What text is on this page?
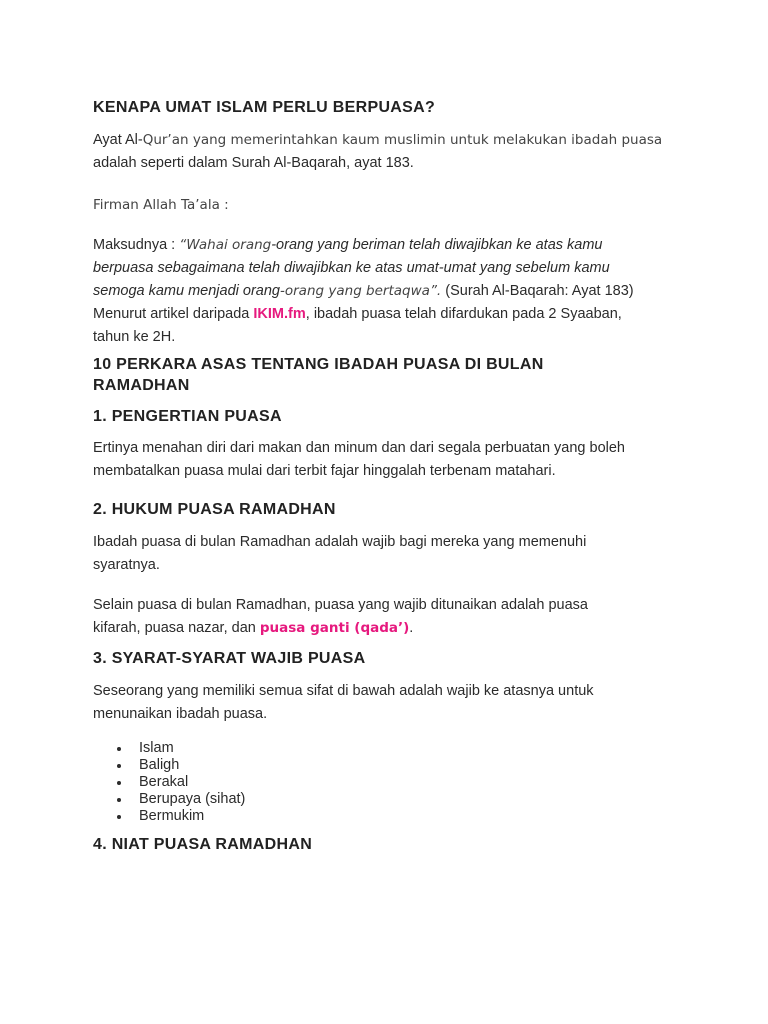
KENAPA UMAT ISLAM PERLU BERPUASA?

Ayat Al-Qur’an yang memerintahkan kaum muslimin untuk melakukan ibadah puasa
adalah seperti dalam Surah Al-Baqarah, ayat 183.

Firman Allah Ta’ala :

Maksudnya : “Wahai orang-orang yang beriman telah diwajibkan ke atas kamu
berpuasa sebagaimana telah diwajibkan ke atas umat-umat yang sebelum kamu
semoga kamu menjadi orang-orang yang bertaqwa”. (Surah Al-Baqarah: Ayat 183)
Menurut artikel daripada IKIM.fm, ibadah puasa telah difardukan pada 2 Syaaban,
tahun ke 2H.

10 PERKARA ASAS TENTANG IBADAH PUASA DI BULAN RAMADHAN
1. PENGERTIAN PUASA

Ertinya menahan diri dari makan dan minum dan dari segala perbuatan yang boleh
membatalkan puasa mulai dari terbit fajar hinggalah terbenam matahari.

2. HUKUM PUASA RAMADHAN

Ibadah puasa di bulan Ramadhan adalah wajib bagi mereka yang memenuhi
syaratnya.

Selain puasa di bulan Ramadhan, puasa yang wajib ditunaikan adalah puasa
kifarah, puasa nazar, dan puasa ganti (qada’).

3. SYARAT-SYARAT WAJIB PUASA

Seseorang yang memiliki semua sifat di bawah adalah wajib ke atasnya untuk
menunaikan ibadah puasa.

Islam
Baligh
Berakal
Berupaya (sihat)
Bermukim
4. NIAT PUASA RAMADHAN
